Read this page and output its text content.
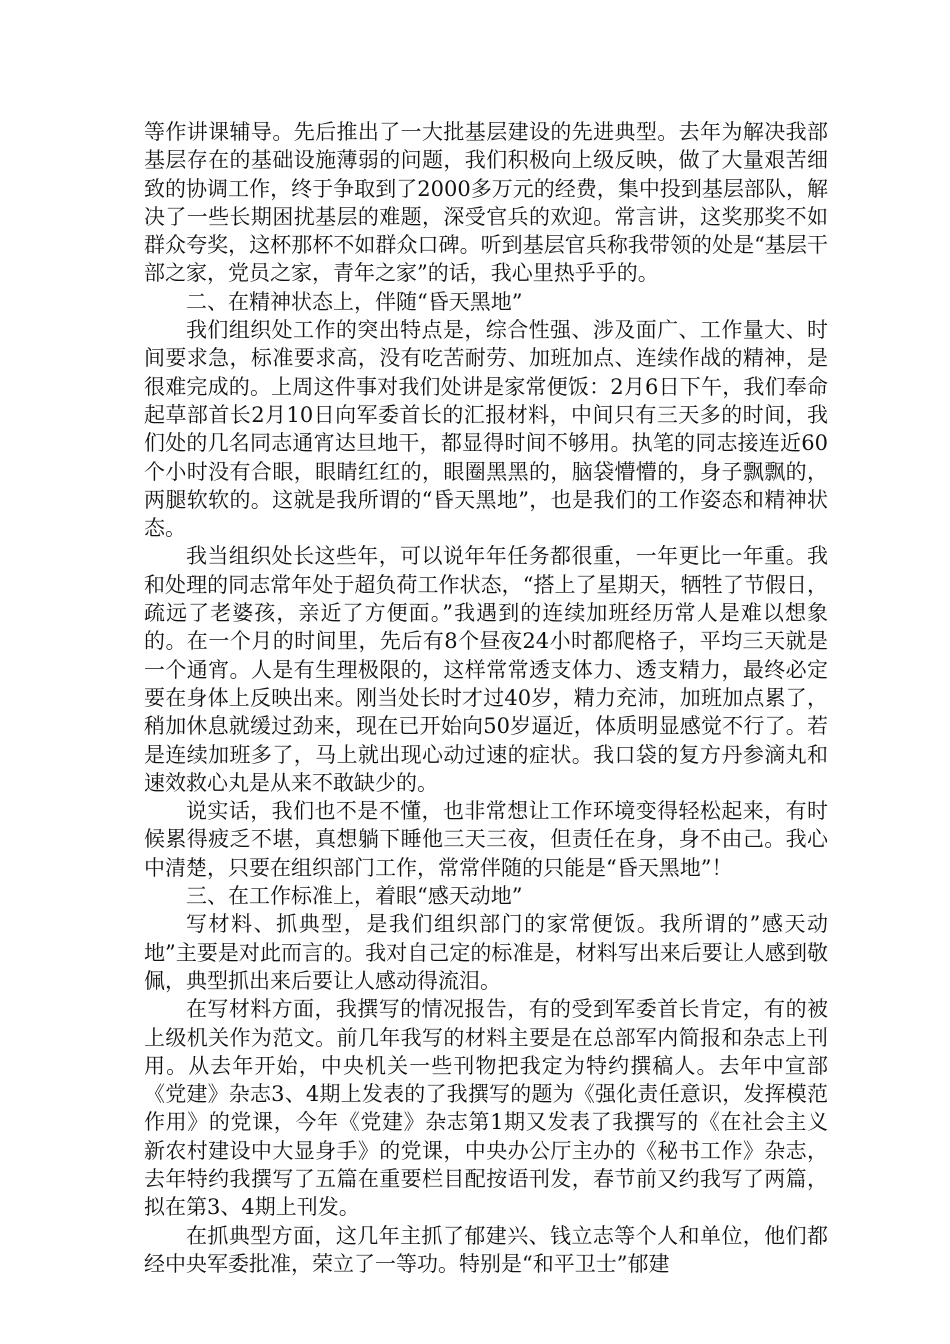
等作讲课辅导。先后推出了一大批基层建设的先进典型。去年为解决我部基层存在的基础设施薄弱的问题，我们积极向上级反映，做了大量艰苦细致的协调工作，终于争取到了2000多万元的经费，集中投到基层部队，解决了一些长期困扰基层的难题，深受官兵的欢迎。常言讲，这奖那奖不如群众夸奖，这杯那杯不如群众口碑。听到基层官兵称我带领的处是“基层干部之家，党员之家，青年之家”的话，我心里热乎乎的。

二、在精神状态上，伴随“昏天黑地”

我们组织处工作的突出特点是，综合性强、涉及面广、工作量大、时间要求急，标准要求高，没有吃苦耐劳、加班加点、连续作战的精神，是很难完成的。上周这件事对我们处讲是家常便饭：2月6日下午，我们奉命起草部首长2月10日向军委首长的汇报材料，中间只有三天多的时间，我们处的几名同志通宵达旦地干，都显得时间不够用。执笔的同志接连近60个小时没有合眼，眼睛红红的，眼圈黑黑的，脑袋懵懵的，身子飘飘的，两腿软软的。这就是我所谓的“昏天黑地”，也是我们的工作姿态和精神状态。

我当组织处长这些年，可以说年年任务都很重，一年更比一年重。我和处理的同志常年处于超负荷工作状态，“搭上了星期天，牺牲了节假日，疏远了老婆孩，亲近了方便面。”我遇到的连续加班经历常人是难以想象的。在一个月的时间里，先后有8个昼夜24小时都爬格子，平均三天就是一个通宵。人是有生理极限的，这样常常透支体力、透支精力，最终必定要在身体上反映出来。刚当处长时才过40岁，精力充沛，加班加点累了，稍加休息就缓过劲来，现在已开始向50岁逼近，体质明显感觉不行了。若是连续加班多了，马上就出现心动过速的症状。我口袋的复方丹参滴丸和速效救心丸是从来不敢缺少的。

说实话，我们也不是不懂，也非常想让工作环境变得轻松起来，有时候累得疲乏不堪，真想躺下睡他三天三夜，但责任在身，身不由己。我心中清楚，只要在组织部门工作，常常伴随的只能是“昏天黑地”！

三、在工作标准上，着眼“感天动地”

写材料、抓典型，是我们组织部门的家常便饭。我所谓的”感天动地”主要是对此而言的。我对自己定的标准是，材料写出来后要让人感到敬佩，典型抓出来后要让人感动得流泪。

在写材料方面，我撰写的情况报告，有的受到军委首长肯定，有的被上级机关作为范文。前几年我写的材料主要是在总部军内简报和杂志上刊用。从去年开始，中央机关一些刊物把我定为特约撰稿人。去年中宣部《党建》杂志3、4期上发表的了我撰写的题为《强化责任意识，发挥模范作用》的党课，今年《党建》杂志第1期又发表了我撰写的《在社会主义新农村建设中大显身手》的党课，中央办公厅主办的《秘书工作》杂志，去年特约我撰写了五篇在重要栏目配按语刊发，春节前又约我写了两篇，拟在第3、4期上刊发。

在抓典型方面，这几年主抓了郁建兴、钱立志等个人和单位，他们都经中央军委批准，荣立了一等功。特别是“和平卫士”郁建
